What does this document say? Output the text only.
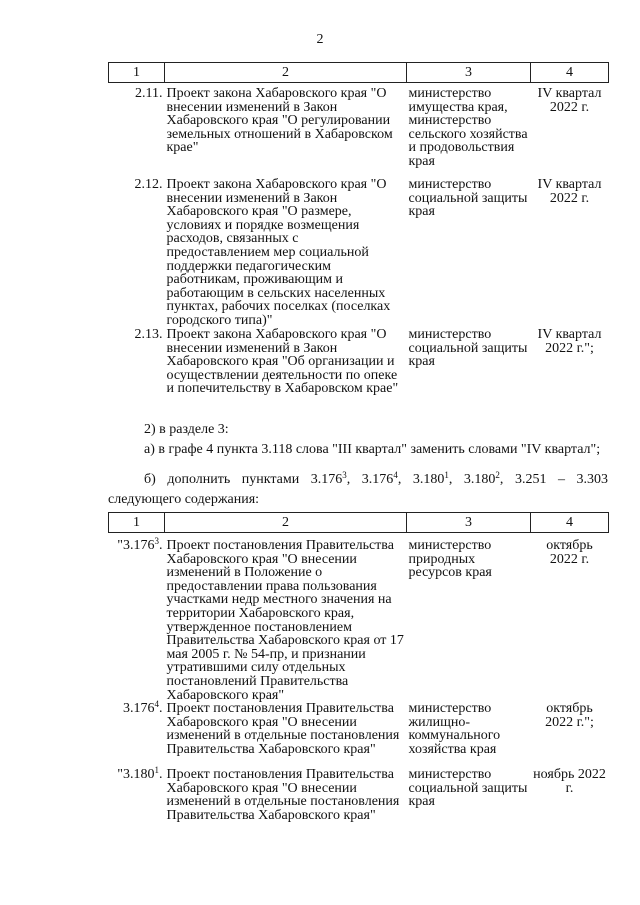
2
1	2	3	4
2.11.	Проект закона Хабаровского края "О внесении изменений в Закон Хабаровского края "О регулировании земельных отношений в Хабаровском крае"	министерство имущества края, министерство сельского хозяйства и продовольствия края	IV квартал 2022 г.
2.12.	Проект закона Хабаровского края "О внесении изменений в Закон Хабаровского края "О размере, условиях и порядке возмещения расходов, связанных с предоставлением мер социальной поддержки педагогическим работникам, проживающим и работающим в сельских населенных пунктах, рабочих поселках (поселках городского типа)"	министерство социальной защиты края	IV квартал 2022 г.
2.13.	Проект закона Хабаровского края "О внесении изменений в Закон Хабаровского края "Об организации и осуществлении деятельности по опеке и попечительству в Хабаровском крае"	министерство социальной защиты края	IV квартал 2022 г.";
2) в разделе 3:
а) в графе 4 пункта 3.118 слова "III квартал" заменить словами "IV квартал";
б) дополнить пунктами 3.176$^3$, 3.176$^4$, 3.180$^1$, 3.180$^2$, 3.251 – 3.303 следующего содержания:
1	2	3	4
"3.176$^3$.	Проект постановления Правительства Хабаровского края "О внесении изменений в Положение о предоставлении права пользования участками недр местного значения на территории Хабаровского края, утвержденное постановлением Правительства Хабаровского края от 17 мая 2005 г. № 54-пр, и признании утратившими силу отдельных постановлений Правительства Хабаровского края"	министерство природных ресурсов края	октябрь 2022 г.
3.176$^4$.	Проект постановления Правительства Хабаровского края "О внесении изменений в отдельные постановления Правительства Хабаровского края"	министерство жилищно-коммунального хозяйства края	октябрь 2022 г.";
"3.180$^1$.	Проект постановления Правительства Хабаровского края "О внесении изменений в отдельные постановления Правительства Хабаровского края"	министерство социальной защиты края	ноябрь 2022 г.
